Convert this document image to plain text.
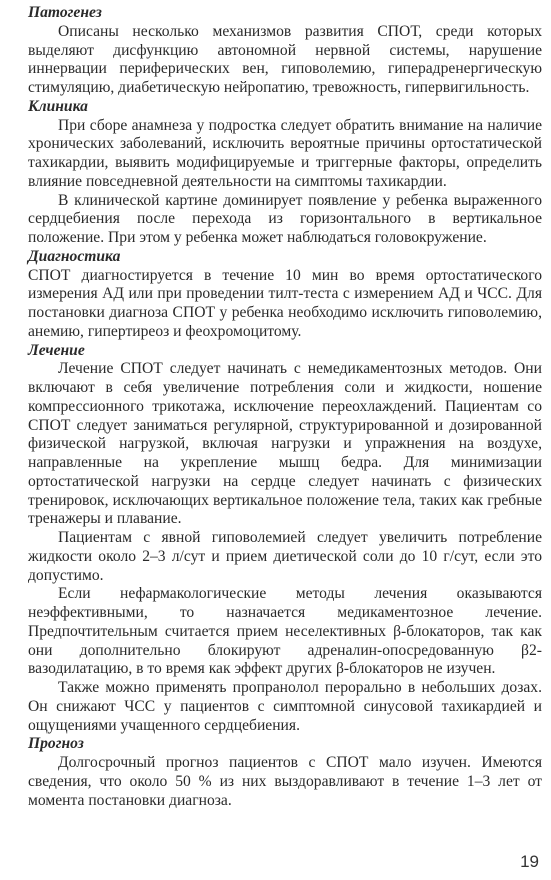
Патогенез

Описаны несколько механизмов развития СПОТ, среди которых выделяют дисфункцию автономной нервной системы, нарушение иннервации периферических вен, гиповолемию, гиперадренергическую стимуляцию, диабетическую нейропатию, тревожность, гипервигильность.

Клиника

При сборе анамнеза у подростка следует обратить внимание на наличие хронических заболеваний, исключить вероятные причины ортостатической тахикардии, выявить модифицируемые и триггерные факторы, определить влияние повседневной деятельности на симптомы тахикардии.

В клинической картине доминирует появление у ребенка выраженного сердцебиения после перехода из горизонтального в вертикальное положение. При этом у ребенка может наблюдаться головокружение.

Диагностика

СПОТ диагностируется в течение 10 мин во время ортостатического измерения АД или при проведении тилт-теста с измерением АД и ЧСС. Для постановки диагноза СПОТ у ребенка необходимо исключить гиповолемию, анемию, гипертиреоз и феохромоцитому.

Лечение

Лечение СПОТ следует начинать с немедикаментозных методов. Они включают в себя увеличение потребления соли и жидкости, ношение компрессионного трикотажа, исключение переохлаждений. Пациентам со СПОТ следует заниматься регулярной, структурированной и дозированной физической нагрузкой, включая нагрузки и упражнения на воздухе, направленные на укрепление мышц бедра. Для минимизации ортостатической нагрузки на сердце следует начинать с физических тренировок, исключающих вертикальное положение тела, таких как гребные тренажеры и плавание.

Пациентам с явной гиповолемией следует увеличить потребление жидкости около 2–3 л/сут и прием диетической соли до 10 г/сут, если это допустимо.

Если нефармакологические методы лечения оказываются неэффективными, то назначается медикаментозное лечение. Предпочтительным считается прием неселективных β-блокаторов, так как они дополнительно блокируют адреналин-опосредованную β2-вазодилатацию, в то время как эффект других β-блокаторов не изучен.

Также можно применять пропранолол перорально в небольших дозах. Он снижают ЧСС у пациентов с симптомной синусовой тахикардией и ощущениями учащенного сердцебиения.

Прогноз

Долгосрочный прогноз пациентов с СПОТ мало изучен. Имеются сведения, что около 50 % из них выздоравливают в течение 1–3 лет от момента постановки диагноза.

19
